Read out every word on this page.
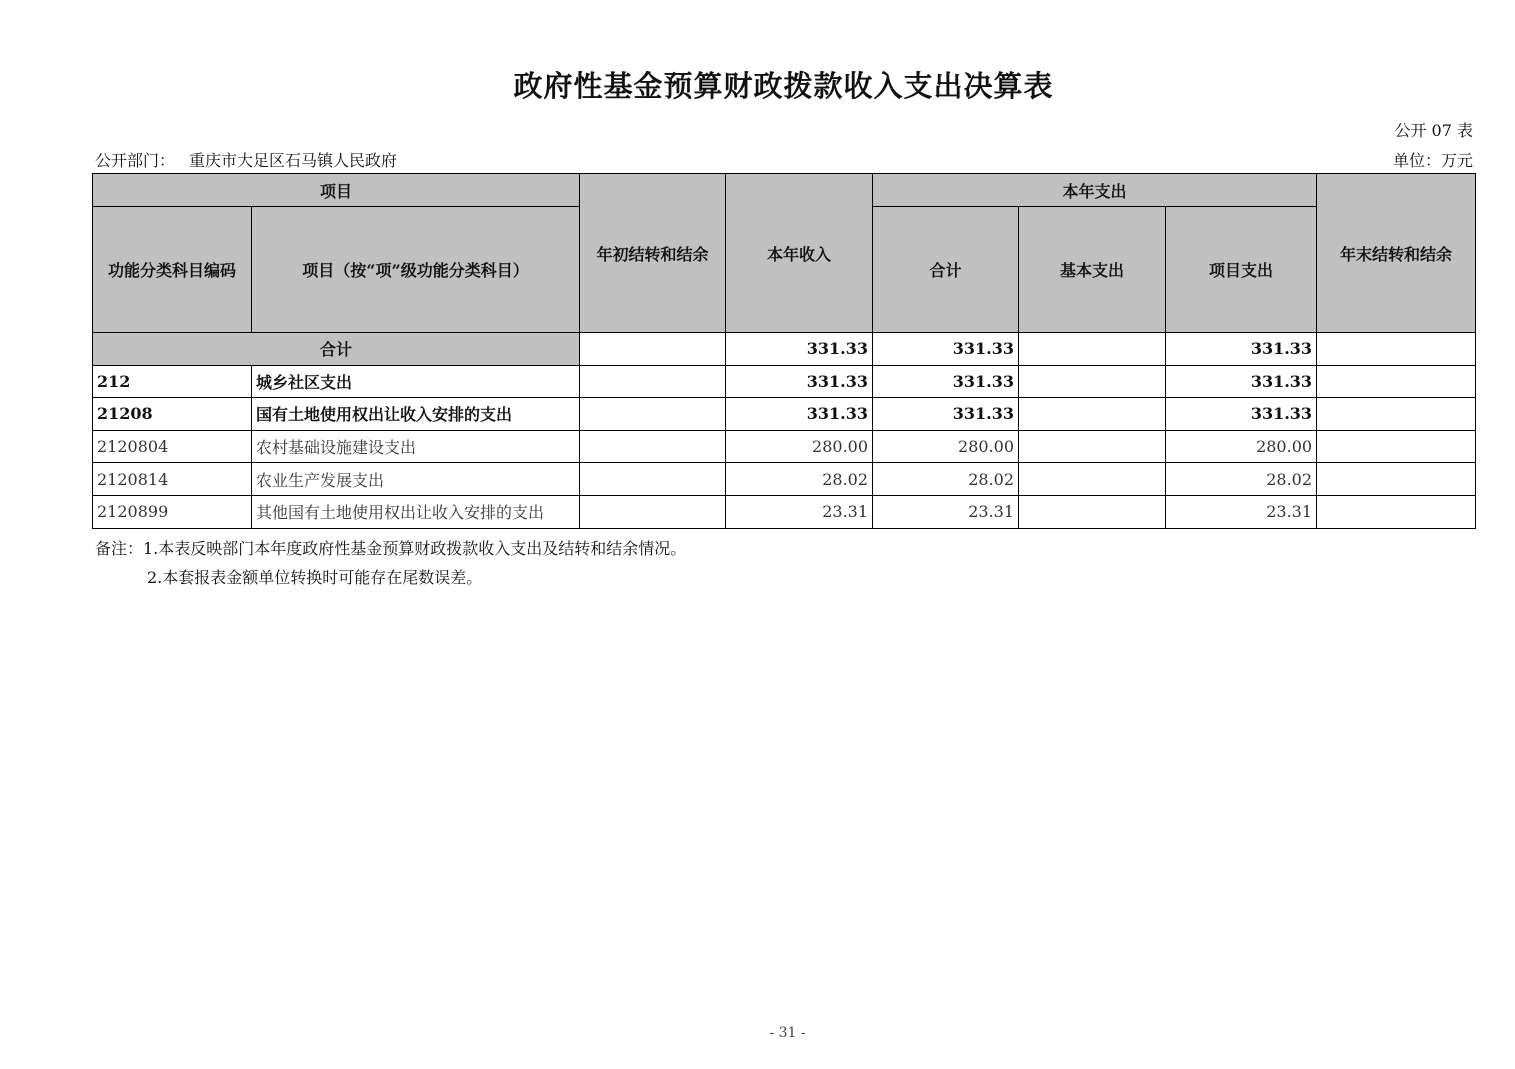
政府性基金预算财政拨款收入支出决算表
公开 07 表
公开部门： 重庆市大足区石马镇人民政府	单位：万元
项目		年初结转和结余	本年收入	本年支出			年末结转和结余
功能分类科目编码	项目（按“项”级功能分类科目）			合计	基本支出	项目支出	
合计			331.33	331.33		331.33	
212	城乡社区支出		331.33	331.33		331.33	
21208	国有土地使用权出让收入安排的支出		331.33	331.33		331.33	
2120804	农村基础设施建设支出		280.00	280.00		280.00	
2120814	农业生产发展支出		28.02	28.02		28.02	
2120899	其他国有土地使用权出让收入安排的支出		23.31	23.31		23.31	
备注：1.本表反映部门本年度政府性基金预算财政拨款收入支出及结转和结余情况。
2.本套报表金额单位转换时可能存在尾数误差。
- 31 -
